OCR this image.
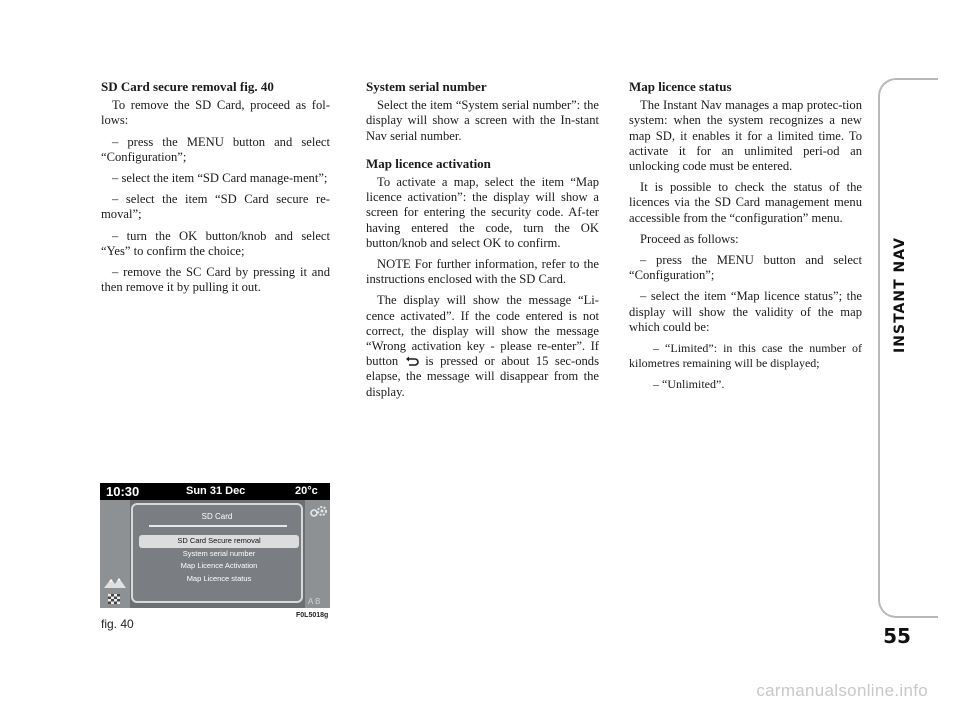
SD Card secure removal fig. 40

To remove the SD Card, proceed as fol-lows:

– press the MENU button and select “Configuration”;

– select the item “SD Card manage-ment”;

– select the item “SD Card secure re-moval”;

– turn the OK button/knob and select “Yes” to confirm the choice;

– remove the SC Card by pressing it and then remove it by pulling it out.

System serial number

Select the item “System serial number”: the display will show a screen with the In-stant Nav serial number.

Map licence activation

To activate a map, select the item “Map licence activation”: the display will show a screen for entering the security code. Af-ter having entered the code, turn the OK button/knob and select OK to confirm.

NOTE For further information, refer to the instructions enclosed with the SD Card.

The display will show the message “Li-cence activated”. If the code entered is not correct, the display will show the message “Wrong activation key - please re-enter”. If button is pressed or about 15 sec-onds elapse, the message will disappear from the display.

Map licence status

The Instant Nav manages a map protec-tion system: when the system recognizes a new map SD, it enables it for a limited time. To activate it for an unlimited peri-od an unlocking code must be entered.

It is possible to check the status of the licences via the SD Card management menu accessible from the “configuration” menu.

Proceed as follows:

– press the MENU button and select “Configuration”;

– select the item “Map licence status”; the display will show the validity of the map which could be:

– “Limited”: in this case the number of kilometres remaining will be displayed;

– “Unlimited”.

INSTANT NAV
55
10:30	Sun 31 Dec	20°c
SD Card
SD Card Secure removal
System serial number
Map Licence Activation
Map Licence status
A B
fig. 40
F0L5018g
carmanualsonline.info
